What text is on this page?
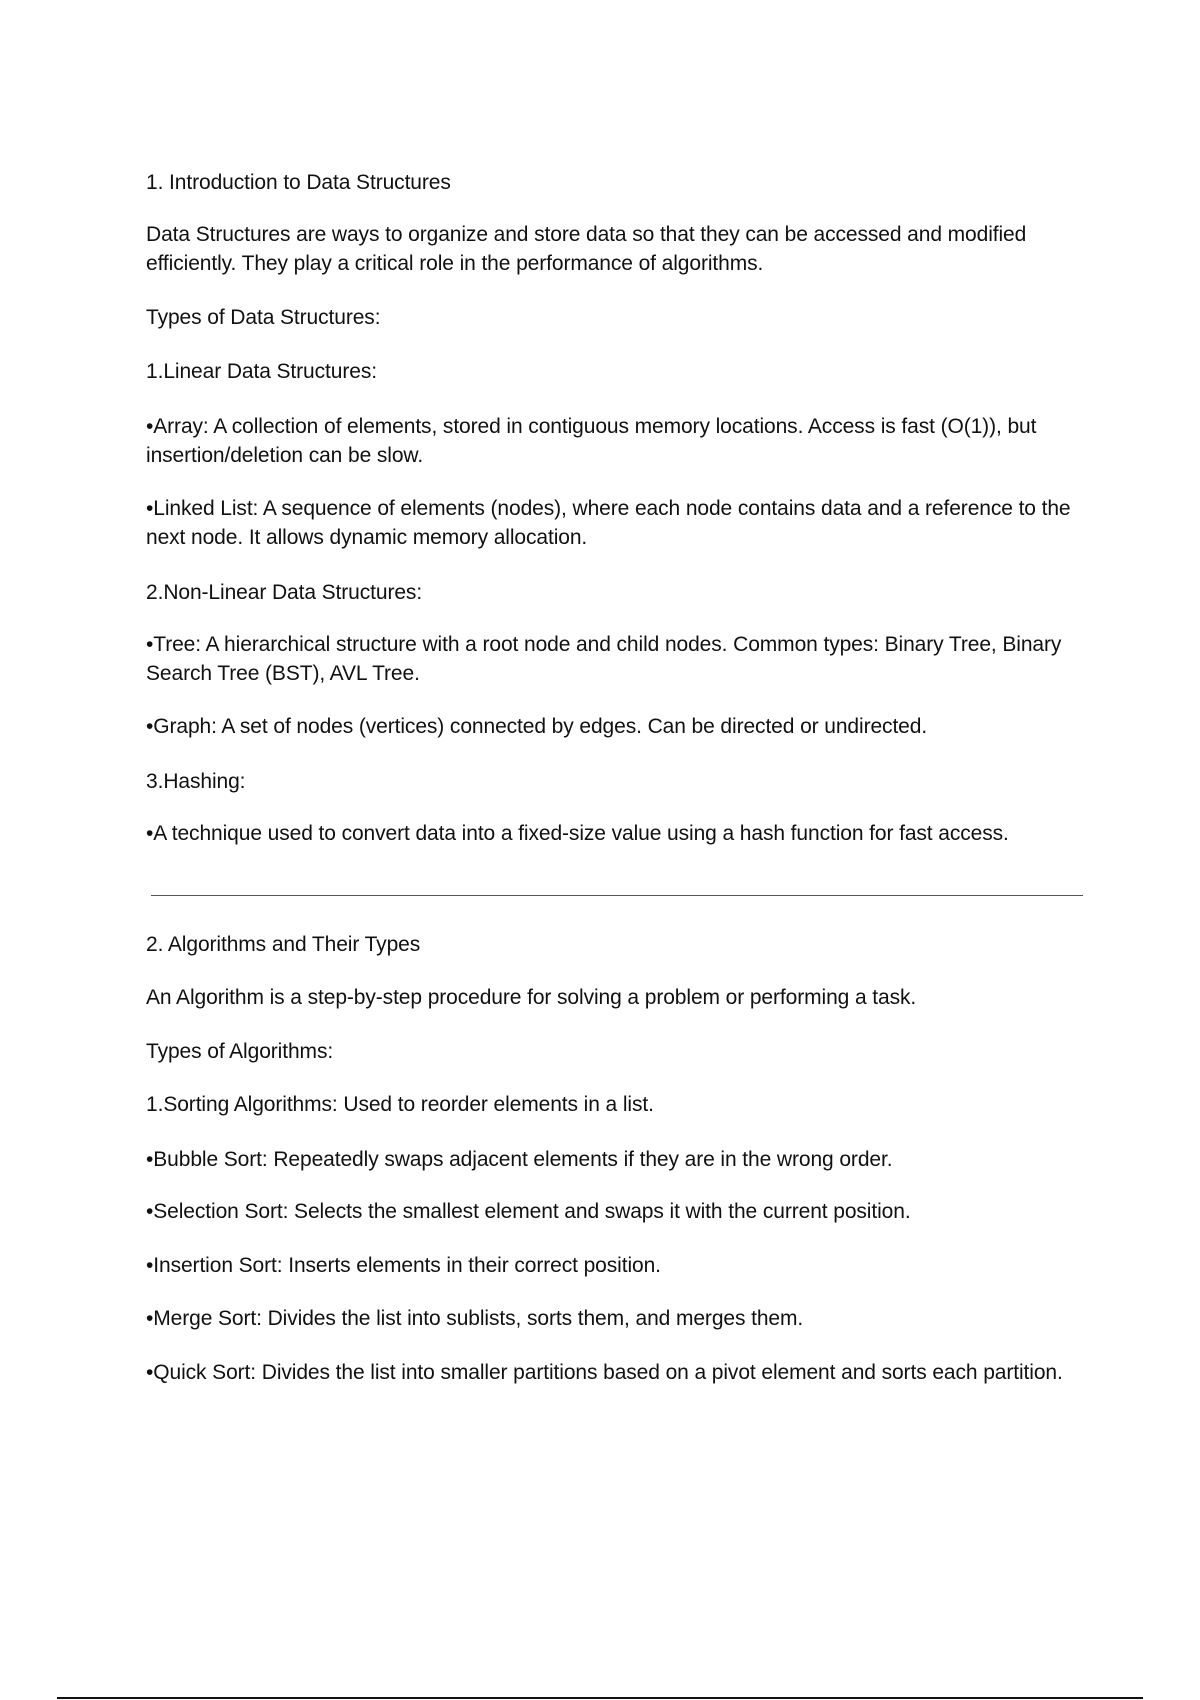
1. Introduction to Data Structures

Data Structures are ways to organize and store data so that they can be accessed and modified efficiently. They play a critical role in the performance of algorithms.

Types of Data Structures:

1.Linear Data Structures:

•Array: A collection of elements, stored in contiguous memory locations. Access is fast (O(1)), but insertion/deletion can be slow.

•Linked List: A sequence of elements (nodes), where each node contains data and a reference to the next node. It allows dynamic memory allocation.

2.Non-Linear Data Structures:

•Tree: A hierarchical structure with a root node and child nodes. Common types: Binary Tree, Binary Search Tree (BST), AVL Tree.

•Graph: A set of nodes (vertices) connected by edges. Can be directed or undirected.

3.Hashing:

•A technique used to convert data into a fixed-size value using a hash function for fast access.

2. Algorithms and Their Types

An Algorithm is a step-by-step procedure for solving a problem or performing a task.

Types of Algorithms:

1.Sorting Algorithms: Used to reorder elements in a list.

•Bubble Sort: Repeatedly swaps adjacent elements if they are in the wrong order.

•Selection Sort: Selects the smallest element and swaps it with the current position.

•Insertion Sort: Inserts elements in their correct position.

•Merge Sort: Divides the list into sublists, sorts them, and merges them.

•Quick Sort: Divides the list into smaller partitions based on a pivot element and sorts each partition.
